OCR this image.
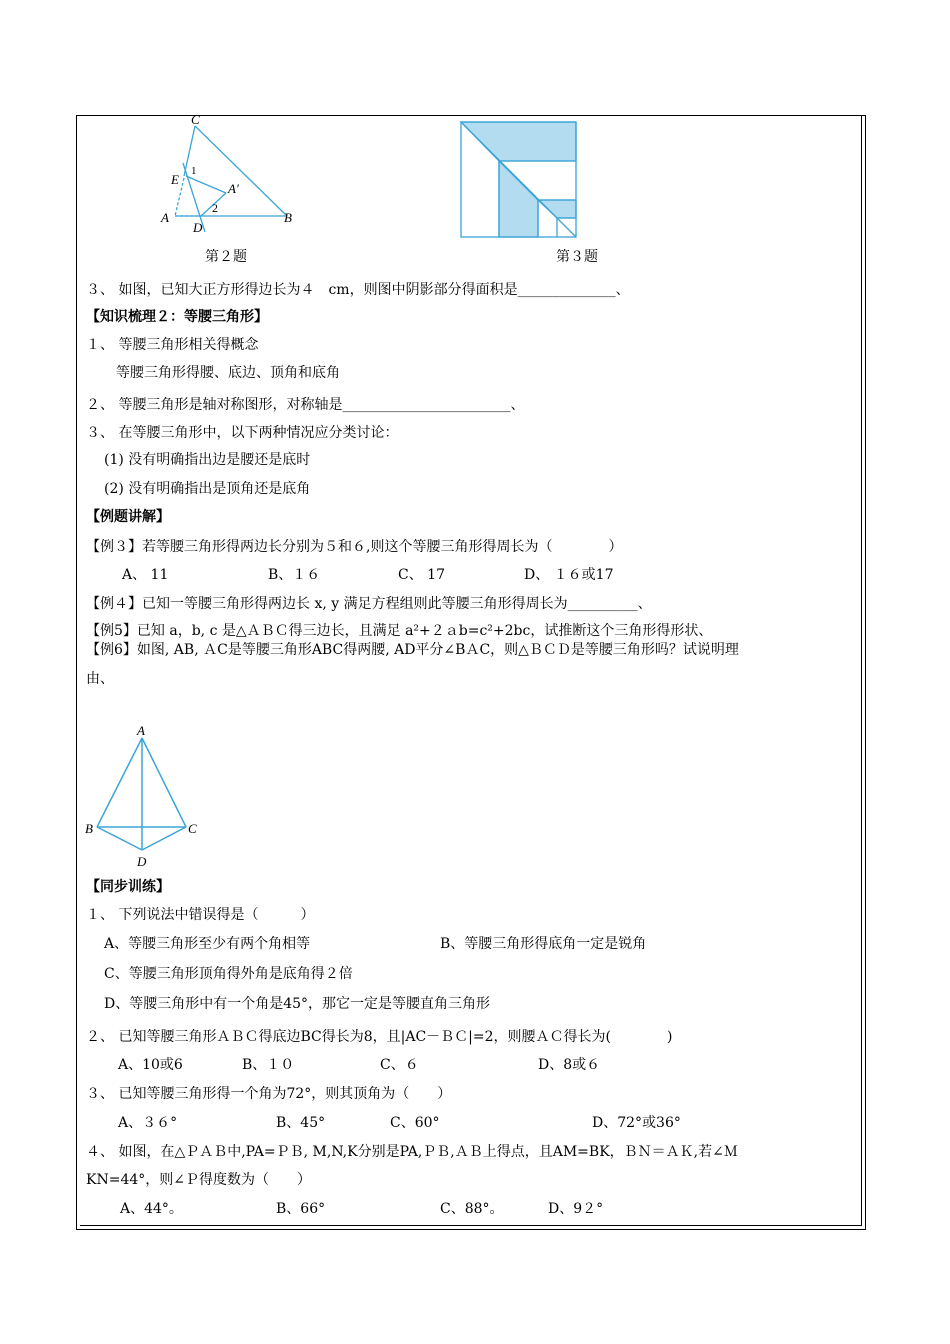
C
E
1
A′
A
2
D
B
第２题	第３题
３、 如图，已知大正方形得边长为４　cm，则图中阴影部分得面积是______________、
【知识梳理２：等腰三角形】
１、 等腰三角形相关得概念
等腰三角形得腰、底边、顶角和底角
２、 等腰三角形是轴对称图形，对称轴是________________________、
３、 在等腰三角形中，以下两种情况应分类讨论：
(1) 没有明确指出边是腰还是底时
(2) 没有明确指出是顶角还是底角
【例题讲解】
【例３】若等腰三角形得两边长分别为５和６,则这个等腰三角形得周长为（　　　　）
A、 11	B、１６	C、 17	D、 １６或17
【例４】已知一等腰三角形得两边长 x, y 满足方程组则此等腰三角形得周长为__________、
【例5】已知 a，b, c 是△ＡＢＣ得三边长，且满足 a²+２ａb=c²+2bc，试推断这个三角形得形状、
【例6】如图, AB, ＡC是等腰三角形ABC得两腰, AD平分∠BＡC，则△ＢＣＤ是等腰三角形吗？试说明理
由、
A
B	C
D
【同步训练】
１、 下列说法中错误得是（　　　）
A、等腰三角形至少有两个角相等	B、等腰三角形得底角一定是锐角
C、等腰三角形顶角得外角是底角得２倍
D、等腰三角形中有一个角是45°，那它一定是等腰直角三角形
２、 已知等腰三角形ＡＢＣ得底边BC得长为8，且|AC－ＢＣ|=2，则腰ＡＣ得长为(　　　　)
A、10或6	B、１０	C、６	D、8或６
３、 已知等腰三角形得一个角为72°，则其顶角为（　　）
A、３６°	B、45°	C、60°	D、72°或36°
４、 如图，在△ＰＡＢ中,PA=ＰＢ, M,N,K分别是PA,ＰＢ,ＡＢ上得点，且AM=BK，ＢＮ＝ＡＫ,若∠Ｍ
KN=44°，则∠Ｐ得度数为（　　）
A、44°。	B、66°	C、88°。	D、9２°
